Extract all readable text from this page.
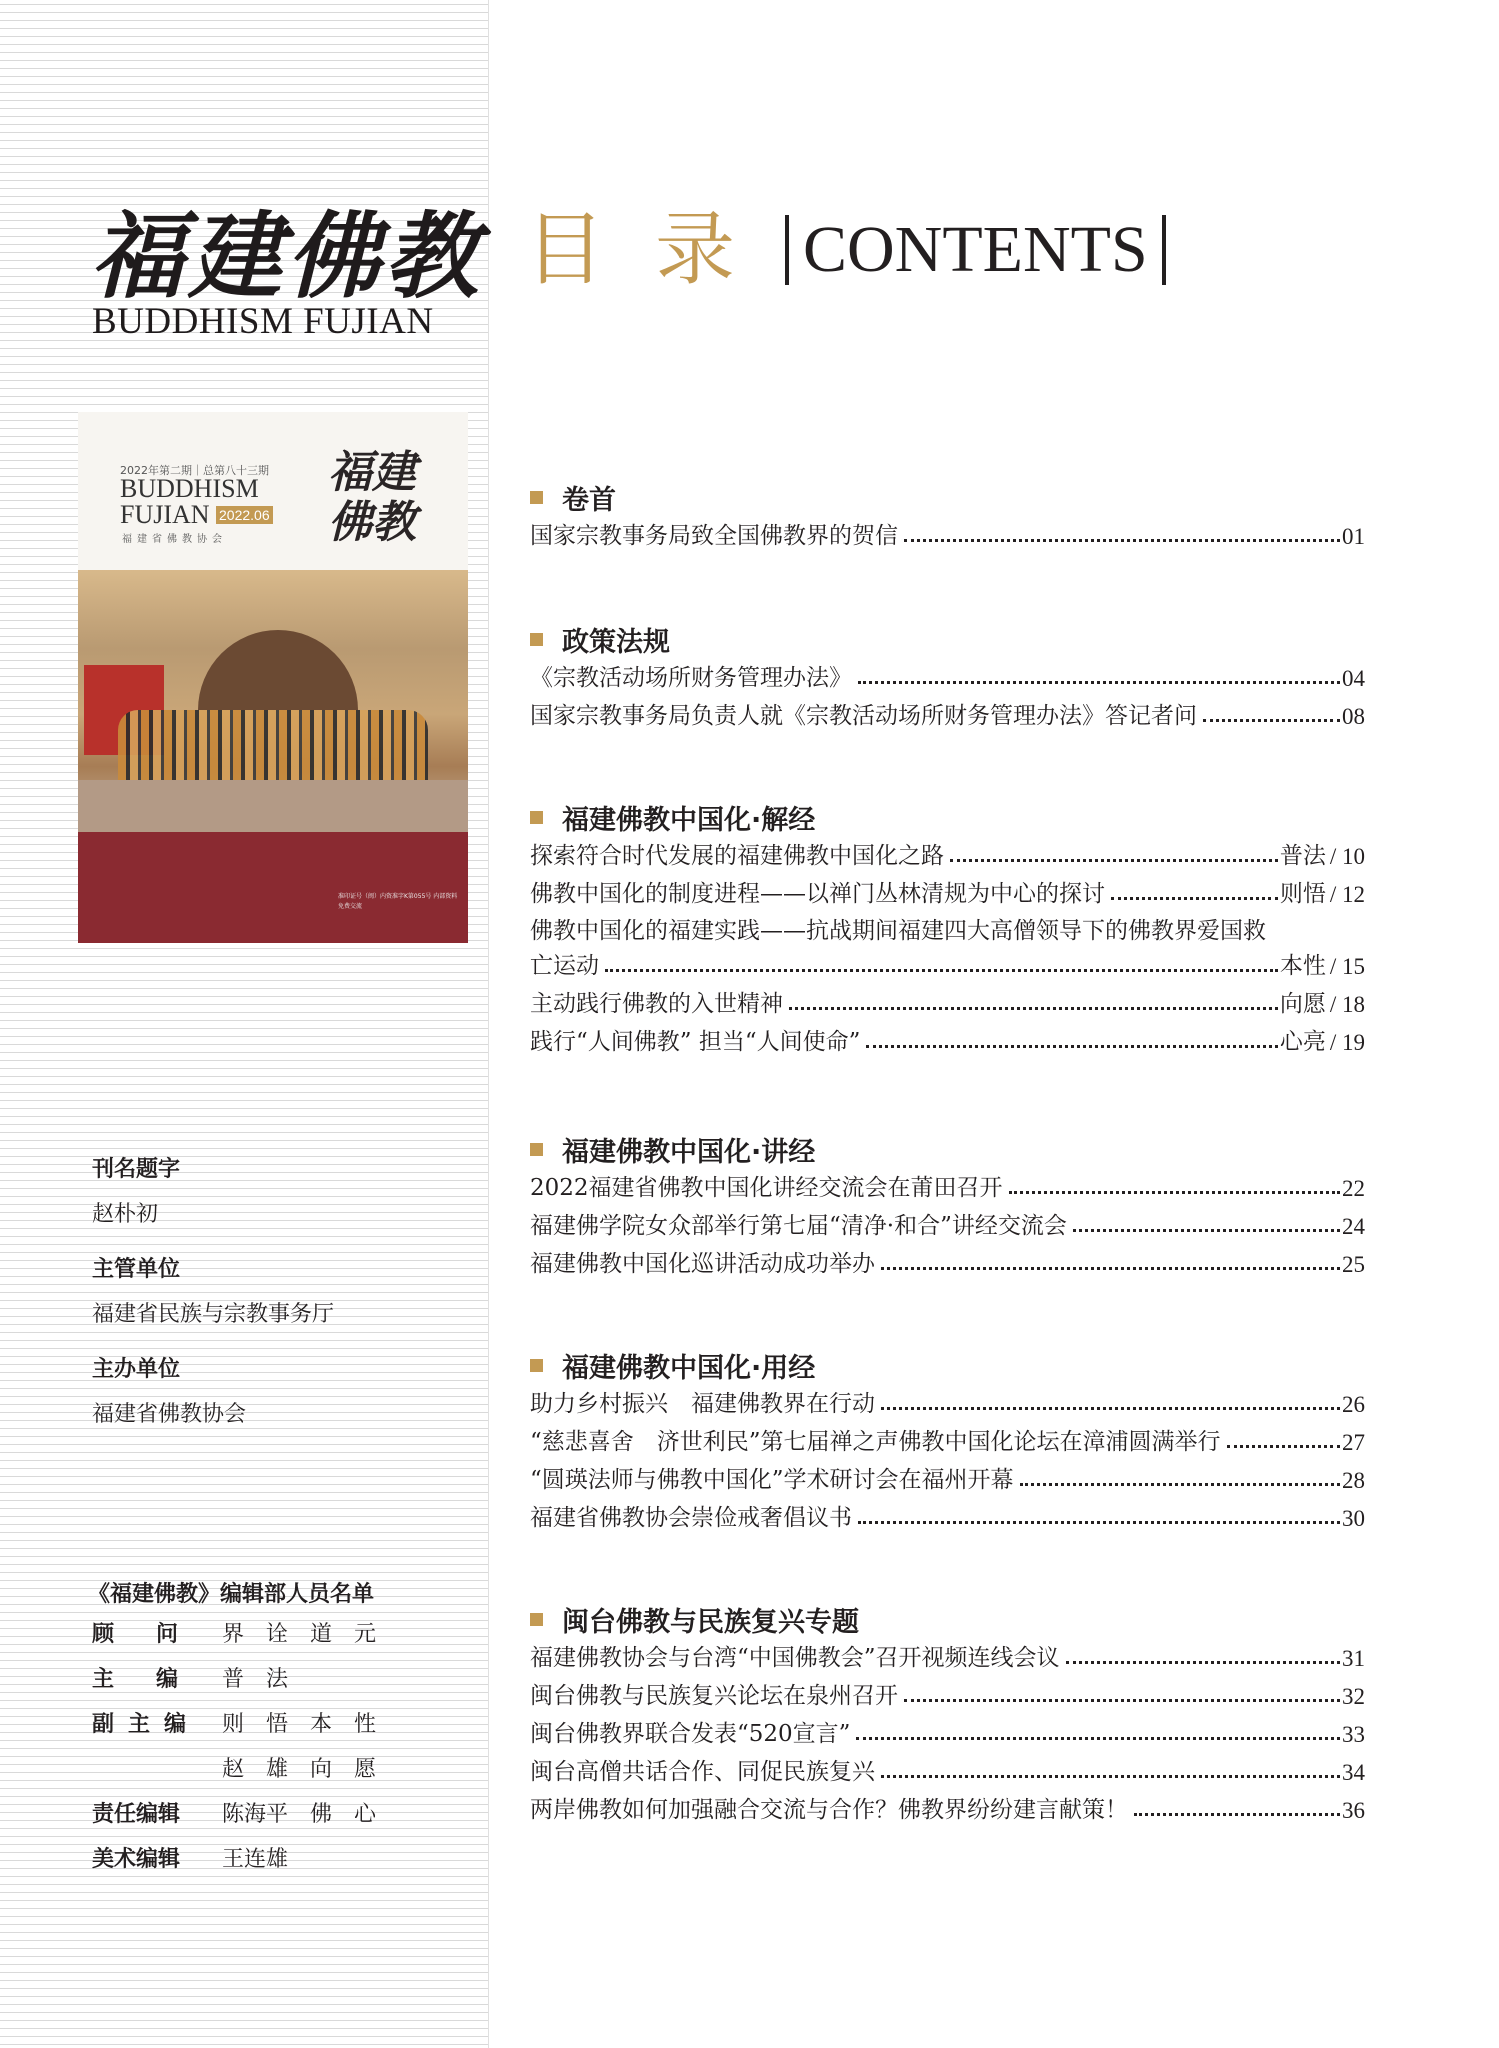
福建佛教
BUDDHISM FUJIAN
目录 CONTENTS
2022年第二期｜总第八十三期
BUDDHISM
FUJIAN 2022.06
福建省佛教协会
福建佛教
准印证号（闽）内资准字K第055号 内部资料 免费交流
刊名题字
赵朴初
主管单位
福建省民族与宗教事务厅
主办单位
福建省佛教协会
《福建佛教》编辑部人员名单
顾问 界 诠 道 元
主编 普 法
副主编 则 悟 本 性
赵 雄 向 愿
责任编辑 陈海平　佛　心
美术编辑 王连雄
卷首
国家宗教事务局致全国佛教界的贺信	01
政策法规
《宗教活动场所财务管理办法》	04
国家宗教事务局负责人就《宗教活动场所财务管理办法》答记者问	08
福建佛教中国化·解经
探索符合时代发展的福建佛教中国化之路	普法 / 10
佛教中国化的制度进程——以禅门丛林清规为中心的探讨	则悟 / 12
佛教中国化的福建实践——抗战期间福建四大高僧领导下的佛教界爱国救
亡运动	本性 / 15
主动践行佛教的入世精神	向愿 / 18
践行“人间佛教” 担当“人间使命”	心亮 / 19
福建佛教中国化·讲经
2022福建省佛教中国化讲经交流会在莆田召开	22
福建佛学院女众部举行第七届“清净·和合”讲经交流会	24
福建佛教中国化巡讲活动成功举办	25
福建佛教中国化·用经
助力乡村振兴　福建佛教界在行动	26
“慈悲喜舍　济世利民”第七届禅之声佛教中国化论坛在漳浦圆满举行	27
“圆瑛法师与佛教中国化”学术研讨会在福州开幕	28
福建省佛教协会崇俭戒奢倡议书	30
闽台佛教与民族复兴专题
福建佛教协会与台湾“中国佛教会”召开视频连线会议	31
闽台佛教与民族复兴论坛在泉州召开	32
闽台佛教界联合发表“520宣言”	33
闽台高僧共话合作、同促民族复兴	34
两岸佛教如何加强融合交流与合作？佛教界纷纷建言献策！	36
